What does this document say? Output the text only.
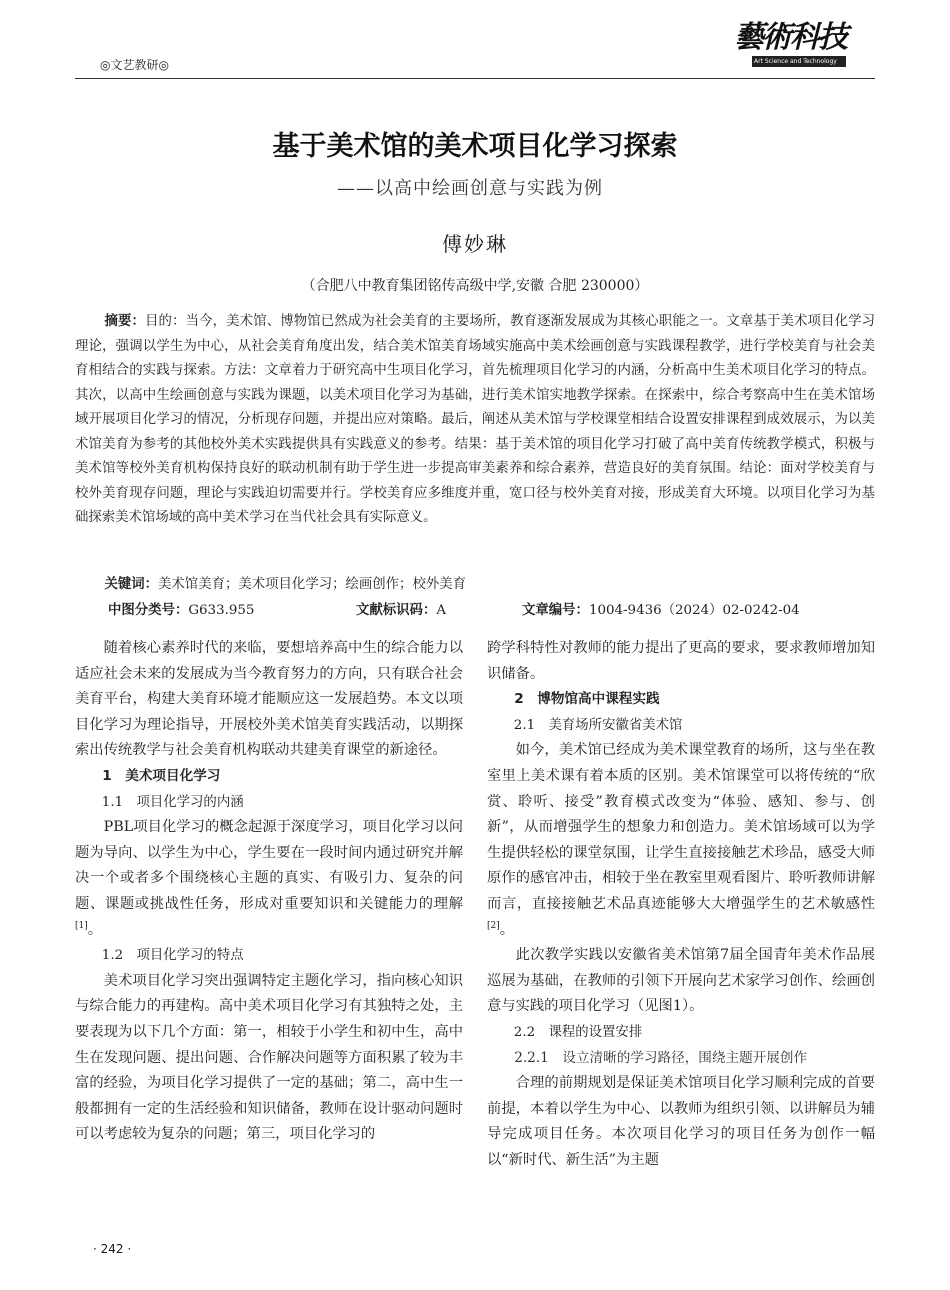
◎文艺教研◎
藝術科技
Art Science and Technology
基于美术馆的美术项目化学习探索
——以高中绘画创意与实践为例
傅妙琳
（合肥八中教育集团铭传高级中学,安徽 合肥 230000）

摘要：目的：当今，美术馆、博物馆已然成为社会美育的主要场所，教育逐渐发展成为其核心职能之一。文章基于美术项目化学习理论，强调以学生为中心，从社会美育角度出发，结合美术馆美育场域实施高中美术绘画创意与实践课程教学，进行学校美育与社会美育相结合的实践与探索。方法：文章着力于研究高中生项目化学习，首先梳理项目化学习的内涵，分析高中生美术项目化学习的特点。其次，以高中生绘画创意与实践为课题，以美术项目化学习为基础，进行美术馆实地教学探索。在探索中，综合考察高中生在美术馆场域开展项目化学习的情况，分析现存问题，并提出应对策略。最后，阐述从美术馆与学校课堂相结合设置安排课程到成效展示，为以美术馆美育为参考的其他校外美术实践提供具有实践意义的参考。结果：基于美术馆的项目化学习打破了高中美育传统教学模式，积极与美术馆等校外美育机构保持良好的联动机制有助于学生进一步提高审美素养和综合素养，营造良好的美育氛围。结论：面对学校美育与校外美育现存问题，理论与实践迫切需要并行。学校美育应多维度并重，宽口径与校外美育对接，形成美育大环境。以项目化学习为基础探索美术馆场域的高中美术学习在当代社会具有实际意义。

关键词：美术馆美育；美术项目化学习；绘画创作；校外美育
中图分类号：G633.955	文献标识码：A	文章编号：1004-9436（2024）02-0242-04

随着核心素养时代的来临，要想培养高中生的综合能力以适应社会未来的发展成为当今教育努力的方向，只有联合社会美育平台，构建大美育环境才能顺应这一发展趋势。本文以项目化学习为理论指导，开展校外美术馆美育实践活动，以期探索出传统教学与社会美育机构联动共建美育课堂的新途径。

1　美术项目化学习

1.1　项目化学习的内涵

PBL项目化学习的概念起源于深度学习，项目化学习以问题为导向、以学生为中心，学生要在一段时间内通过研究并解决一个或者多个围绕核心主题的真实、有吸引力、复杂的问题、课题或挑战性任务，形成对重要知识和关键能力的理解[1]。

1.2　项目化学习的特点

美术项目化学习突出强调特定主题化学习，指向核心知识与综合能力的再建构。高中美术项目化学习有其独特之处，主要表现为以下几个方面：第一，相较于小学生和初中生，高中生在发现问题、提出问题、合作解决问题等方面积累了较为丰富的经验，为项目化学习提供了一定的基础；第二，高中生一般都拥有一定的生活经验和知识储备，教师在设计驱动问题时可以考虑较为复杂的问题；第三，项目化学习的

跨学科特性对教师的能力提出了更高的要求，要求教师增加知识储备。

2　博物馆高中课程实践

2.1　美育场所安徽省美术馆

如今，美术馆已经成为美术课堂教育的场所，这与坐在教室里上美术课有着本质的区别。美术馆课堂可以将传统的“欣赏、聆听、接受”教育模式改变为“体验、感知、参与、创新”，从而增强学生的想象力和创造力。美术馆场域可以为学生提供轻松的课堂氛围，让学生直接接触艺术珍品，感受大师原作的感官冲击，相较于坐在教室里观看图片、聆听教师讲解而言，直接接触艺术品真迹能够大大增强学生的艺术敏感性[2]。

此次教学实践以安徽省美术馆第7届全国青年美术作品展巡展为基础，在教师的引领下开展向艺术家学习创作、绘画创意与实践的项目化学习（见图1）。

2.2　课程的设置安排

2.2.1　设立清晰的学习路径，围绕主题开展创作

合理的前期规划是保证美术馆项目化学习顺利完成的首要前提，本着以学生为中心、以教师为组织引领、以讲解员为辅导完成项目任务。本次项目化学习的项目任务为创作一幅以“新时代、新生活”为主题

· 242 ·
